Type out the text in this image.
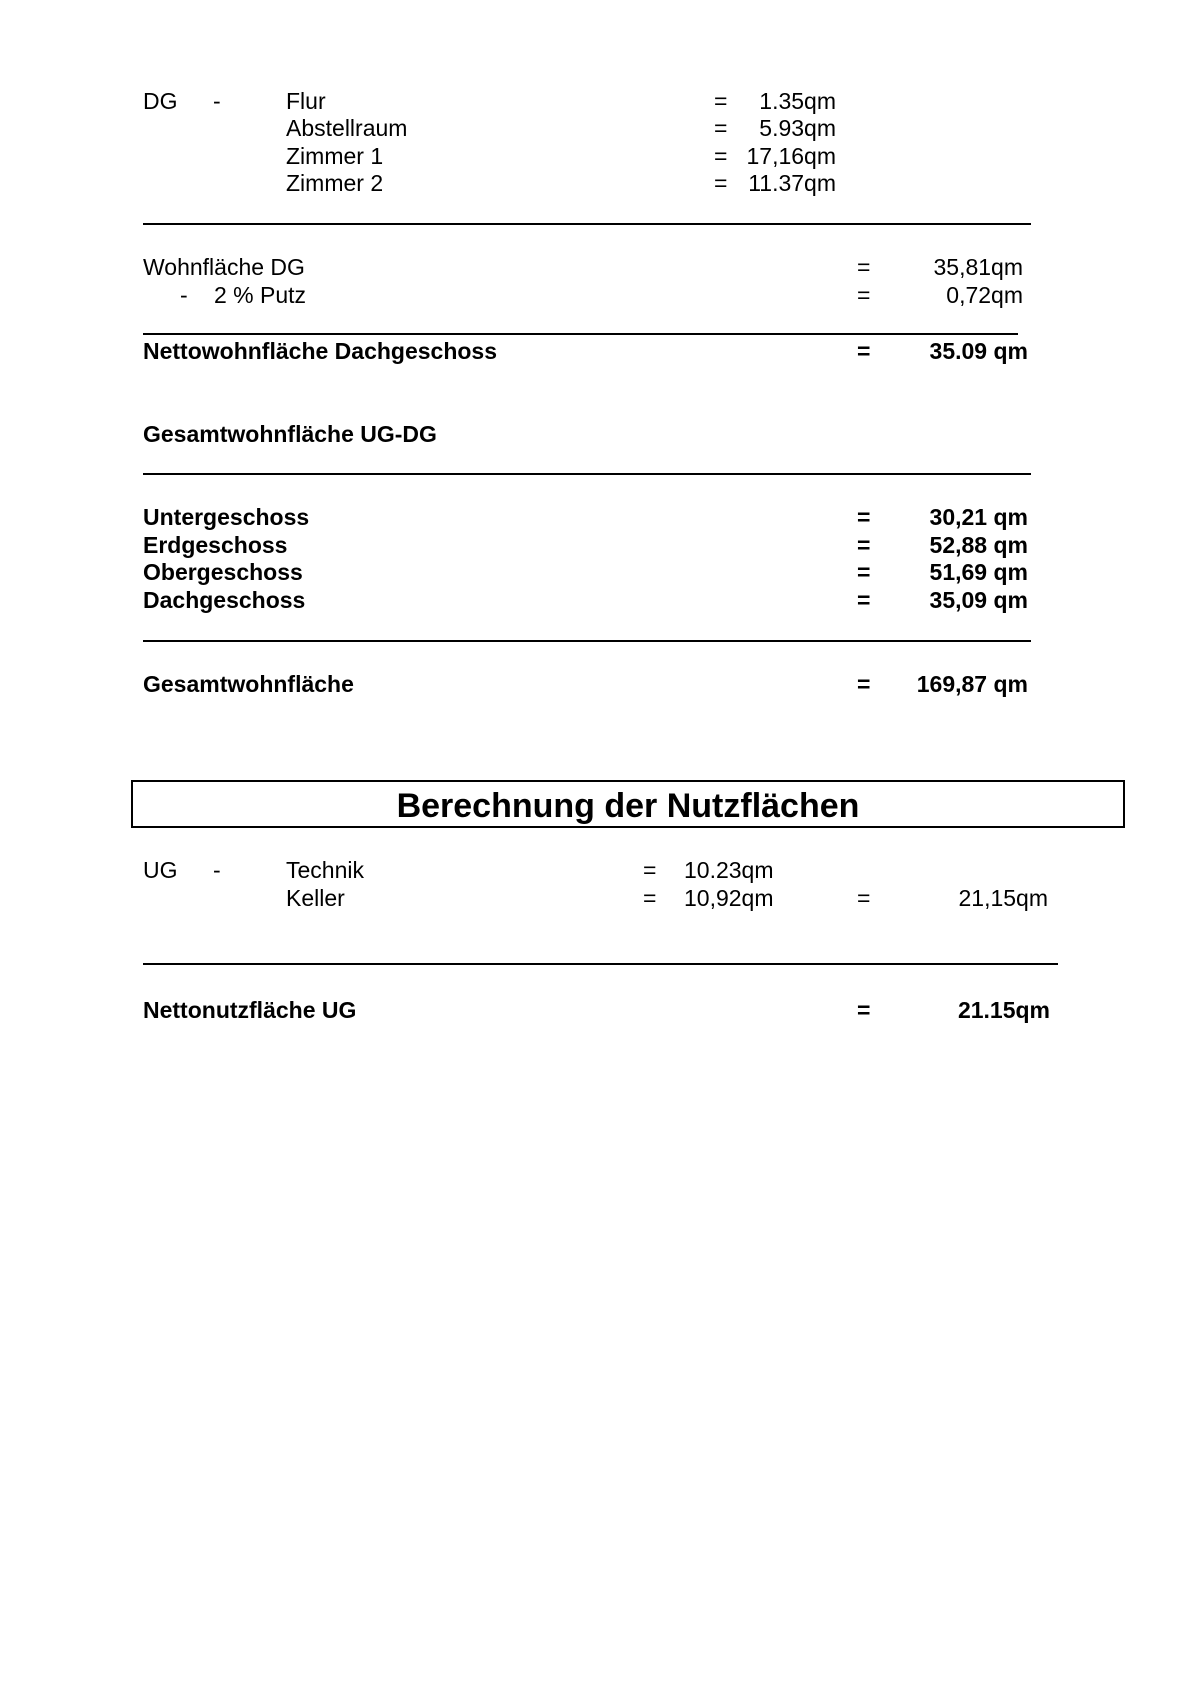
DG -	Flur	=	1.35qm
Abstellraum	=	5.93qm
Zimmer 1	= 17,16qm
Zimmer 2	= 11.37qm
Wohnfläche DG	=	35,81qm
- 2 % Putz	=	0,72qm
Nettowohnfläche Dachgeschoss	=	35.09 qm
Gesamtwohnfläche UG-DG
Untergeschoss	=	30,21 qm
Erdgeschoss	=	52,88 qm
Obergeschoss	=	51,69 qm
Dachgeschoss	=	35,09 qm
Gesamtwohnfläche	=	169,87 qm
Berechnung der Nutzflächen
UG -	Technik	= 10.23qm
Keller	= 10,92qm	=	21,15qm
Nettonutzfläche UG	=	21.15qm
